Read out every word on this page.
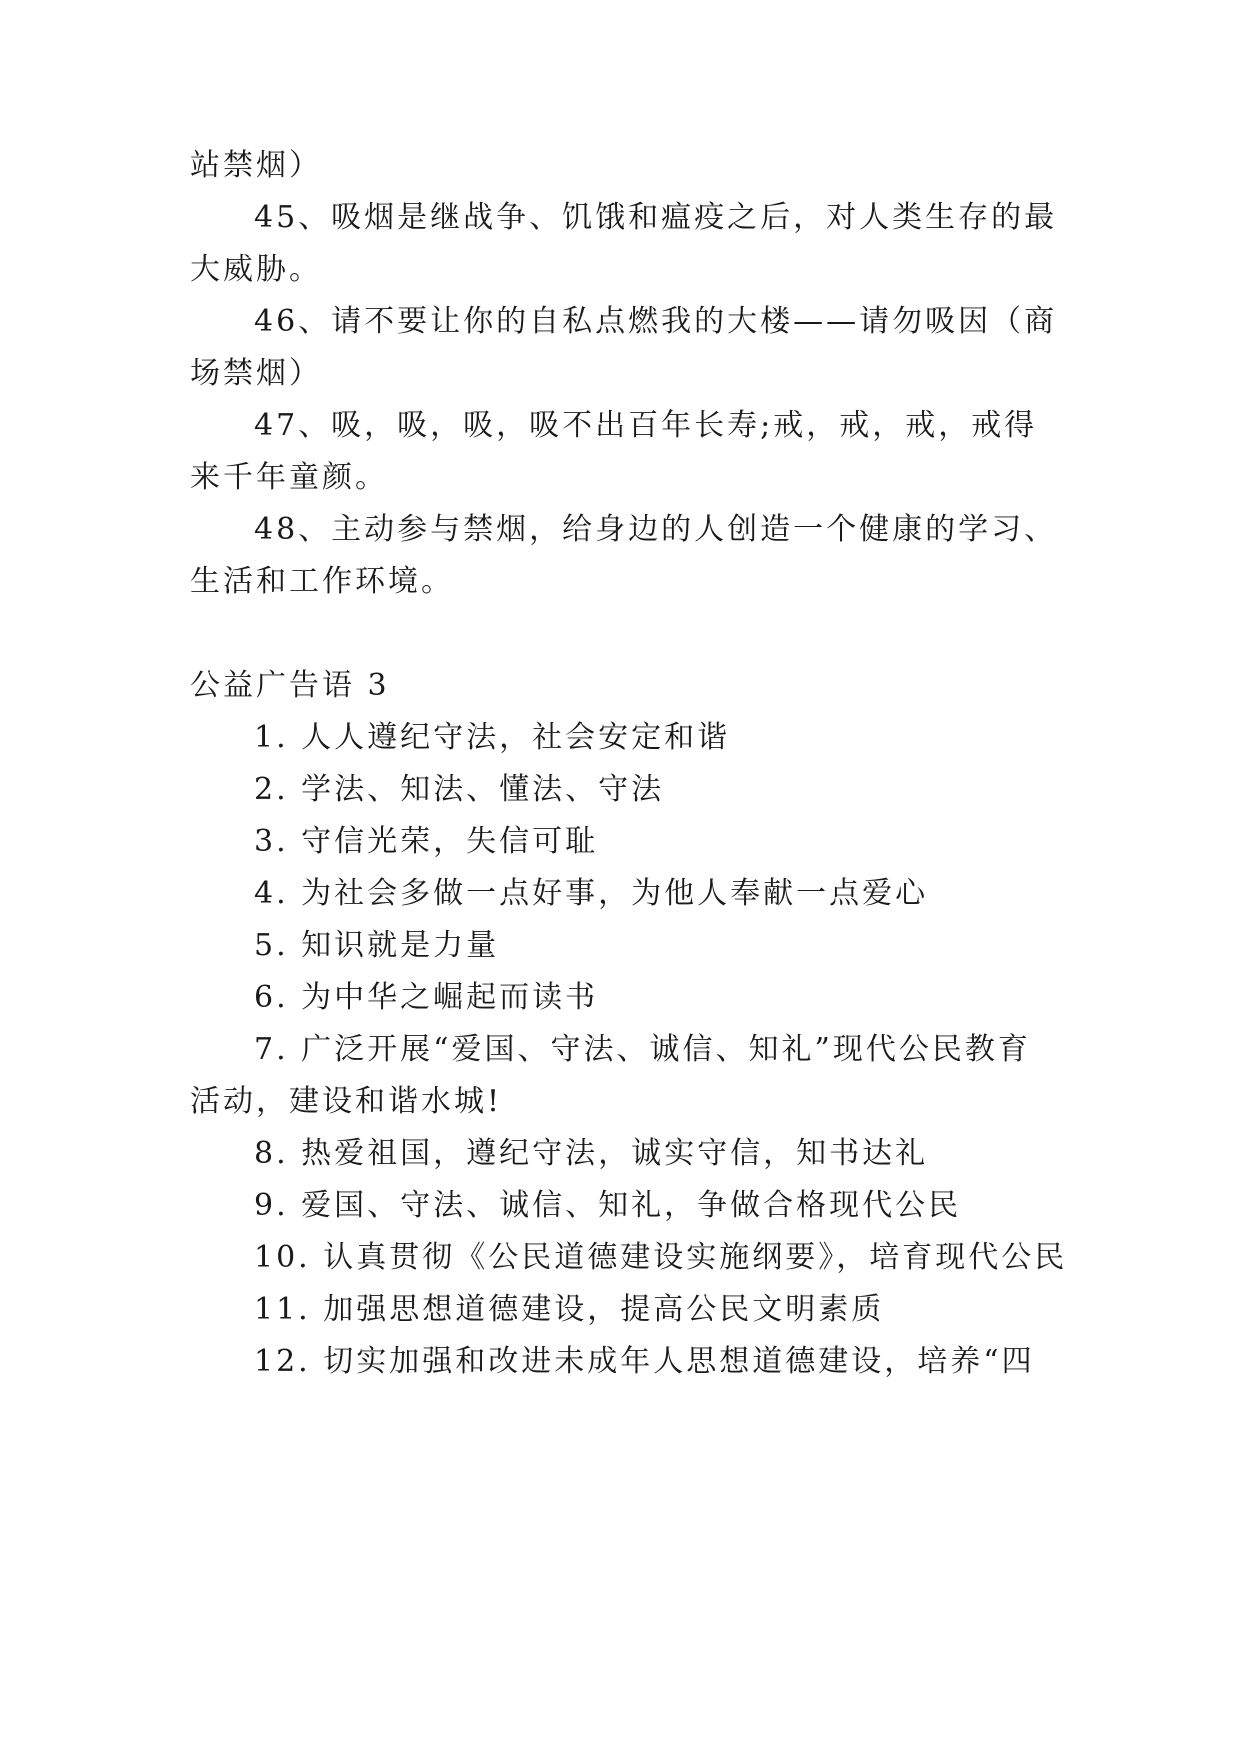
站禁烟）
45、吸烟是继战争、饥饿和瘟疫之后，对人类生存的最
大威胁。
46、请不要让你的自私点燃我的大楼——请勿吸因（商
场禁烟）
47、吸，吸，吸，吸不出百年长寿;戒，戒，戒，戒得
来千年童颜。
48、主动参与禁烟，给身边的人创造一个健康的学习、
生活和工作环境。
公益广告语 3
1. 人人遵纪守法，社会安定和谐
2. 学法、知法、懂法、守法
3. 守信光荣，失信可耻
4. 为社会多做一点好事，为他人奉献一点爱心
5. 知识就是力量
6. 为中华之崛起而读书
7. 广泛开展“爱国、守法、诚信、知礼”现代公民教育
活动，建设和谐水城!
8. 热爱祖国，遵纪守法，诚实守信，知书达礼
9. 爱国、守法、诚信、知礼，争做合格现代公民
10. 认真贯彻《公民道德建设实施纲要》，培育现代公民
11. 加强思想道德建设，提高公民文明素质
12. 切实加强和改进未成年人思想道德建设，培养“四
